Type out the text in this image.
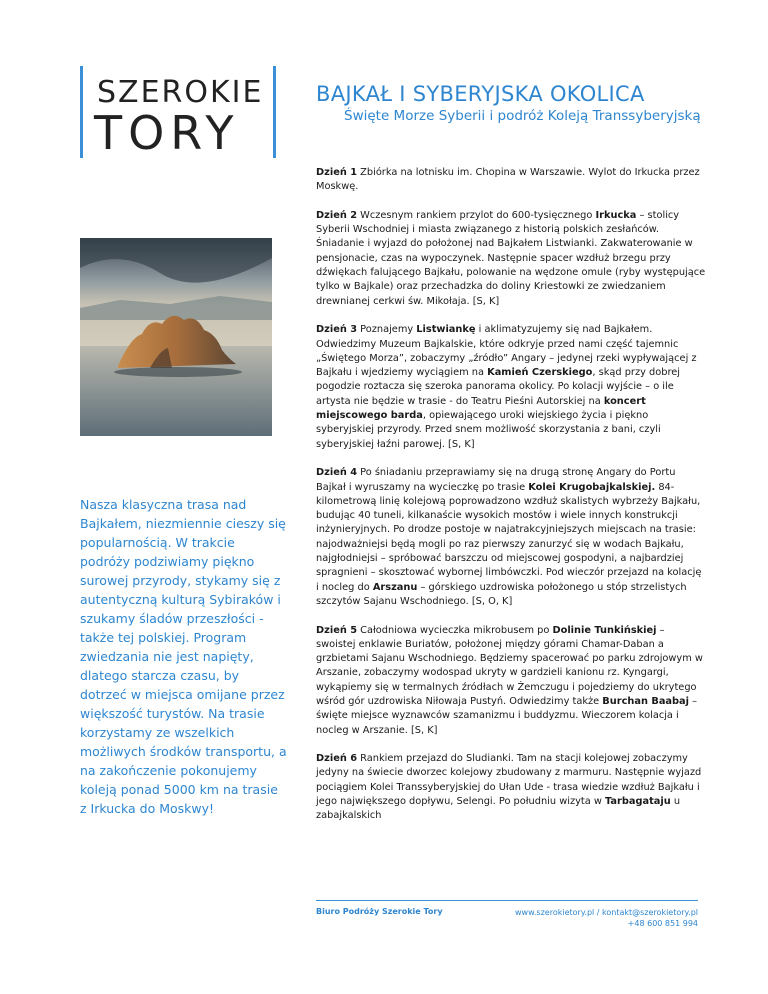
SZEROKIE
TORY
BAJKAŁ I SYBERYJSKA OKOLICA
Święte Morze Syberii i podróż Koleją Transsyberyjską
Nasza klasyczna trasa nad Bajkałem, niezmiennie cieszy się popularnością. W trakcie podróży podziwiamy piękno surowej przyrody, stykamy się z autentyczną kulturą Sybiraków i szukamy śladów przeszłości - także tej polskiej. Program zwiedzania nie jest napięty, dlatego starcza czasu, by dotrzeć w miejsca omijane przez większość turystów. Na trasie korzystamy ze wszelkich możliwych środków transportu, a na zakończenie pokonujemy koleją ponad 5000 km na trasie z Irkucka do Moskwy!

Dzień 1 Zbiórka na lotnisku im. Chopina w Warszawie. Wylot do Irkucka przez Moskwę.

Dzień 2 Wczesnym rankiem przylot do 600-tysięcznego Irkucka – stolicy Syberii Wschodniej i miasta związanego z historią polskich zesłańców. Śniadanie i wyjazd do położonej nad Bajkałem Listwianki. Zakwaterowanie w pensjonacie, czas na wypoczynek. Następnie spacer wzdłuż brzegu przy dźwiękach falującego Bajkału, polowanie na wędzone omule (ryby występujące tylko w Bajkale) oraz przechadzka do doliny Kriestowki ze zwiedzaniem drewnianej cerkwi św. Mikołaja. [S, K]

Dzień 3 Poznajemy Listwiankę i aklimatyzujemy się nad Bajkałem. Odwiedzimy Muzeum Bajkalskie, które odkryje przed nami część tajemnic „Świętego Morza”, zobaczymy „źródło” Angary – jedynej rzeki wypływającej z Bajkału i wjedziemy wyciągiem na Kamień Czerskiego, skąd przy dobrej pogodzie roztacza się szeroka panorama okolicy. Po kolacji wyjście – o ile artysta nie będzie w trasie - do Teatru Pieśni Autorskiej na koncert miejscowego barda, opiewającego uroki wiejskiego życia i piękno syberyjskiej przyrody. Przed snem możliwość skorzystania z bani, czyli syberyjskiej łaźni parowej. [S, K]

Dzień 4 Po śniadaniu przeprawiamy się na drugą stronę Angary do Portu Bajkał i wyruszamy na wycieczkę po trasie Kolei Krugobajkalskiej. 84-kilometrową linię kolejową poprowadzono wzdłuż skalistych wybrzeży Bajkału, budując 40 tuneli, kilkanaście wysokich mostów i wiele innych konstrukcji inżynieryjnych. Po drodze postoje w najatrakcyjniejszych miejscach na trasie: najodważniejsi będą mogli po raz pierwszy zanurzyć się w wodach Bajkału, najgłodniejsi – spróbować barszczu od miejscowej gospodyni, a najbardziej spragnieni – skosztować wybornej limbówczki. Pod wieczór przejazd na kolację i nocleg do Arszanu – górskiego uzdrowiska położonego u stóp strzelistych szczytów Sajanu Wschodniego. [S, O, K]

Dzień 5 Całodniowa wycieczka mikrobusem po Dolinie Tunkińskiej – swoistej enklawie Buriatów, położonej między górami Chamar-Daban a grzbietami Sajanu Wschodniego. Będziemy spacerować po parku zdrojowym w Arszanie, zobaczymy wodospad ukryty w gardzieli kanionu rz. Kyngargi, wykąpiemy się w termalnych źródłach w Żemczugu i pojedziemy do ukrytego wśród gór uzdrowiska Niłowaja Pustyń. Odwiedzimy także Burchan Baabaj – święte miejsce wyznawców szamanizmu i buddyzmu. Wieczorem kolacja i nocleg w Arszanie. [S, K]

Dzień 6 Rankiem przejazd do Sludianki. Tam na stacji kolejowej zobaczymy jedyny na świecie dworzec kolejowy zbudowany z marmuru. Następnie wyjazd pociągiem Kolei Transsyberyjskiej do Ułan Ude - trasa wiedzie wzdłuż Bajkału i jego największego dopływu, Selengi. Po południu wizyta w Tarbagataju u zabajkalskich

Biuro Podróży Szerokie Tory	www.szerokietory.pl / kontakt@szerokietory.pl
+48 600 851 994
